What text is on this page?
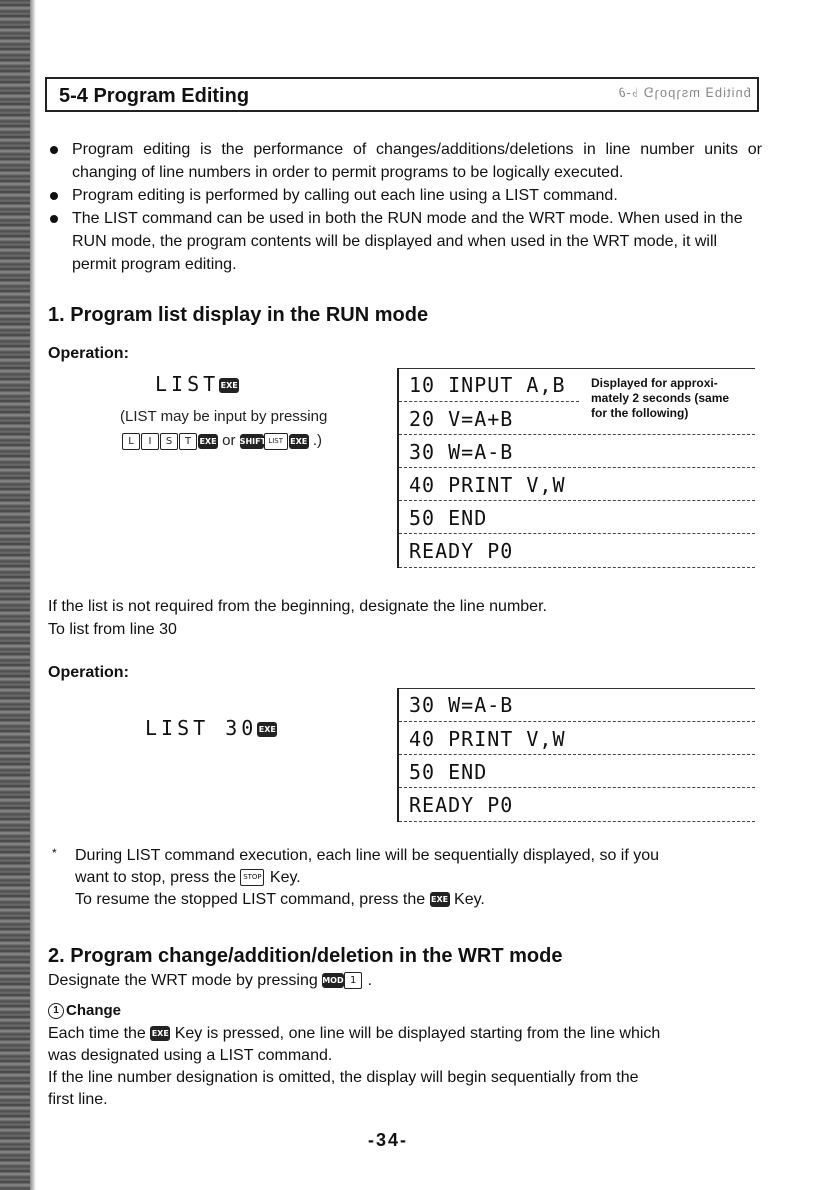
5-4 Program Editing	ɓnitib∃ msɿpoɿ⅁ ♭-∂

Program editing is the performance of changes/additions/deletions in line number units or changing of line numbers in order to permit programs to be logically executed.

Program editing is performed by calling out each line using a LIST command.

The LIST command can be used in both the RUN mode and the WRT mode. When used in the RUN mode, the program contents will be displayed and when used in the WRT mode, it will permit program editing.

1. Program list display in the RUN mode
Operation:
LISTEXE
(LIST may be input by pressing
L I S T EXE or SHIFT LIST EXE .)
10 INPUT A,B
20 V=A+B
30 W=A-B
40 PRINT V,W
50 END
READY P0
Displayed for approxi-
mately 2 seconds (same
for the following)
If the list is not required from the beginning, designate the line number.
To list from line 30
Operation:
LIST 30EXE
30 W=A-B
40 PRINT V,W
50 END
READY P0
* During LIST command execution, each line will be sequentially displayed, so if you
want to stop, press the STOP Key.
To resume the stopped LIST command, press the EXE Key.
2. Program change/addition/deletion in the WRT mode
Designate the WRT mode by pressing MODE1 .
1 Change
Each time the EXE Key is pressed, one line will be displayed starting from the line which
was designated using a LIST command.
If the line number designation is omitted, the display will begin sequentially from the
first line.
-34-
